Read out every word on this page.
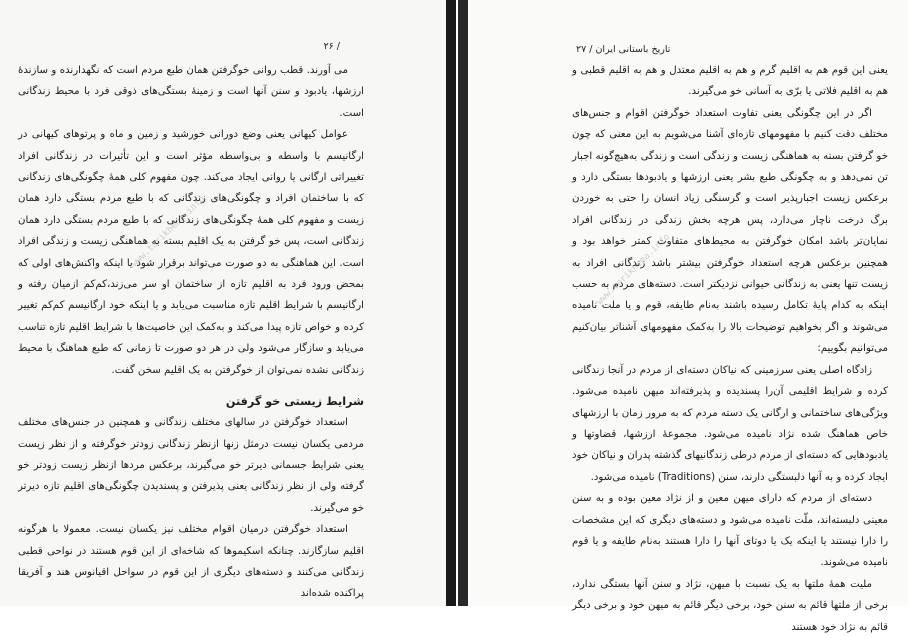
۲۶ /	تاریخ باستانی ایران / ۲۷

می آورند. قطب روانی خوگرفتن همان طبع مردم است که نگهدارنده و سازندهٔ ارزشها، یادبود و سنن آنها است و زمینهٔ بستگی‌های ذوقی فرد با محیط زندگانی است.

عوامل کیهانی یعنی وضع دورانی خورشید و زمین و ماه و پرتوهای کیهانی در ارگانیسم با واسطه و بی‌واسطه مؤثر است و این تأثیرات در زندگانی افراد تغییراتی ارگانی یا روانی ایجاد می‌کند. چون مفهوم کلی همهٔ چگونگی‌های زندگانی که با ساختمان افراد و چگونگی‌های زندگانی که با طبع مردم بستگی دارد همان زیست و مفهوم کلی همهٔ چگونگی‌های زندگانی که با طبع مردم بستگی دارد همان زندگانی است، پس خو گرفتن به یک اقلیم بسته به هماهنگی زیست و زندگی افراد است. این هماهنگی به دو صورت می‌تواند برقرار شود یا اینکه واکنش‌های اولی که بمحض ورود فرد به اقلیم تازه از ساختمان او سر می‌زند،کم‌کم ازمیان رفته و ارگانیسم با شرایط اقلیم تازه مناسبت می‌یابد و یا اینکه خود ارگانیسم کم‌کم تغییر کرده و خواص تازه پیدا می‌کند و به‌کمک این خاصیت‌ها با شرایط اقلیم تازه تناسب می‌یابد و سازگار می‌شود ولی در هر دو صورت تا زمانی که طبع هماهنگ با محیط زندگانی نشده نمی‌توان از خوگرفتن به یک اقلیم سخن گفت.

شرایط زیستی خو گرفتن

استعداد خوگرفتن در سالهای مختلف زندگانی و همچنین در جنس‌های مختلف مردمی یکسان نیست درمثل زنها ازنظر زندگانی زودتر خوگرفته و از نظر زیست یعنی شرایط جسمانی دیرتر خو می‌گیرند، برعکس مردها ازنظر زیست زودتر خو گرفته ولی از نظر زندگانی یعنی پذیرفتن و پسندیدن چگونگی‌های اقلیم تازه دیرتر خو می‌گیرند.

استعداد خوگرفتن درمیان اقوام مختلف نیز یکسان نیست. معمولا با هرگونه اقلیم سازگارند. چنانکه اسکیموها که شاخه‌ای از این قوم هستند در نواحی قطبی زندگانی می‌کنند و دسته‌های دیگری از این قوم در سواحل اقیانوس هند و آفریقا پراکنده شده‌اند

یعنی این قوم هم به اقلیم گرم و هم به اقلیم معتدل و هم به اقلیم قطبی و هم به اقلیم فلاتی یا برّی به آسانی خو می‌گیرند.

اگر در این چگونگی یعنی تفاوت استعداد خوگرفتن اقوام و جنس‌های مختلف دقت کنیم با مفهومهای تازه‌ای آشنا می‌شویم به این معنی که چون خو گرفتن بسته به هماهنگی زیست و زندگی است و زندگی به‌هیچ‌گونه اجبار تن نمی‌دهد و به چگونگی طبع بشر یعنی ارزشها و یادبودها بستگی دارد و برعکس زیست اجبارپذیر است و گرسنگی زیاد انسان را حتی به خوردن برگ درخت ناچار می‌دارد، پس هرچه بخش زندگی در زندگانی افراد نمایان‌تر باشد امکان خوگرفتن به محیط‌های متفاوت کمتر خواهد بود و همچنین برعکس هرچه استعداد خوگرفتن بیشتر باشد زندگانی افراد به زیست تنها یعنی به زندگانی حیوانی نزدیکتر است. دسته‌های مردم به حسب اینکه به کدام پایهٔ تکامل رسیده باشند به‌نام طایفه، قوم و یا ملت نامیده می‌شوند و اگر بخواهیم توضیحات بالا را به‌کمک مفهومهای آشناتر بیان‌کنیم می‌توانیم بگوییم:

زادگاه اصلی یعنی سرزمینی که نیاکان دسته‌ای از مردم در آنجا زندگانی کرده و شرایط اقلیمی آن‌را پسندیده و پذیرفته‌اند میهن نامیده می‌شود. ویژگی‌های ساختمانی و ارگانی یک دسته مردم که به مرور زمان با ارزشهای خاص هماهنگ شده نژاد نامیده می‌شود. مجموعهٔ ارزشها، قضاوتها و یادبودهایی که دسته‌ای از مردم درطی زندگانیهای گذشته پدران و نیاکان خود ایجاد کرده و به آنها دلبستگی دارند، سنن (Traditions) نامیده می‌شود.

دسته‌ای از مردم که دارای میهن معین و از نژاد معین بوده و به سنن معینی دلبسته‌اند، ملّت نامیده می‌شود و دسته‌های دیگری که این مشخصات را دارا نیستند یا اینکه یک یا دوتای آنها را دارا هستند به‌نام طایفه و یا قوم نامیده می‌شوند.

ملیت همهٔ ملتها به یک نسبت با میهن، نژاد و سنن آنها بستگی ندارد، برخی از ملتها قائم به سنن خود، برخی دیگر قائم به میهن خود و برخی دیگر قائم به نژاد خود هستند

www.tarikhema.info
www.tarikhema.info
